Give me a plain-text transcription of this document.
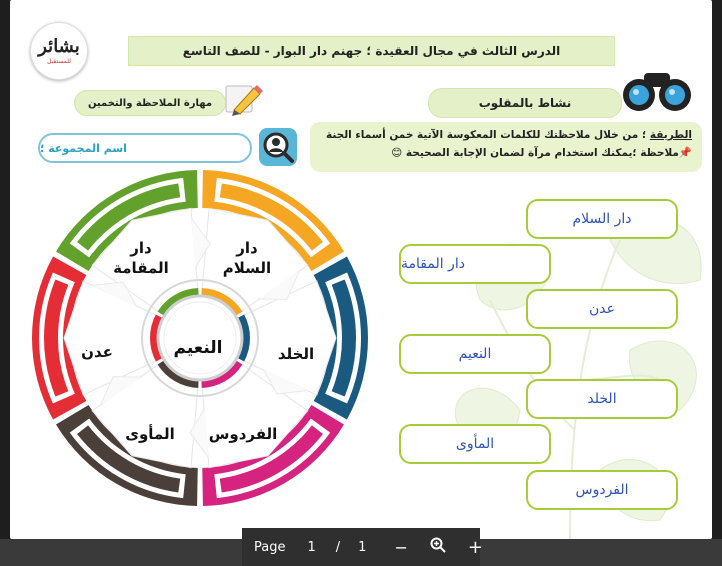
بشائر
للمستقبل
الدرس الثالث في مجال العقيدة ؛ جهنم دار البوار - للصف التاسع
مهارة الملاحظة والتخمين	نشاط بالمقلوب
الطريقة ؛ من خلال ملاحظتك للكلمات المعكوسة الآتية خمن أسماء الجنة
📌ملاحظة ؛يمكنك استخدام مرآة لضمان الإجابة الصحيحة 😊
اسم المجموعة ؛
دار المقامة
دار السلام
الخلد
الفردوس
المأوى
عدن	النعيم
دار السلام
دار المقامة
عدن
النعيم
الخلد
المأوى
الفردوس
Page 1 / 1 −	+
